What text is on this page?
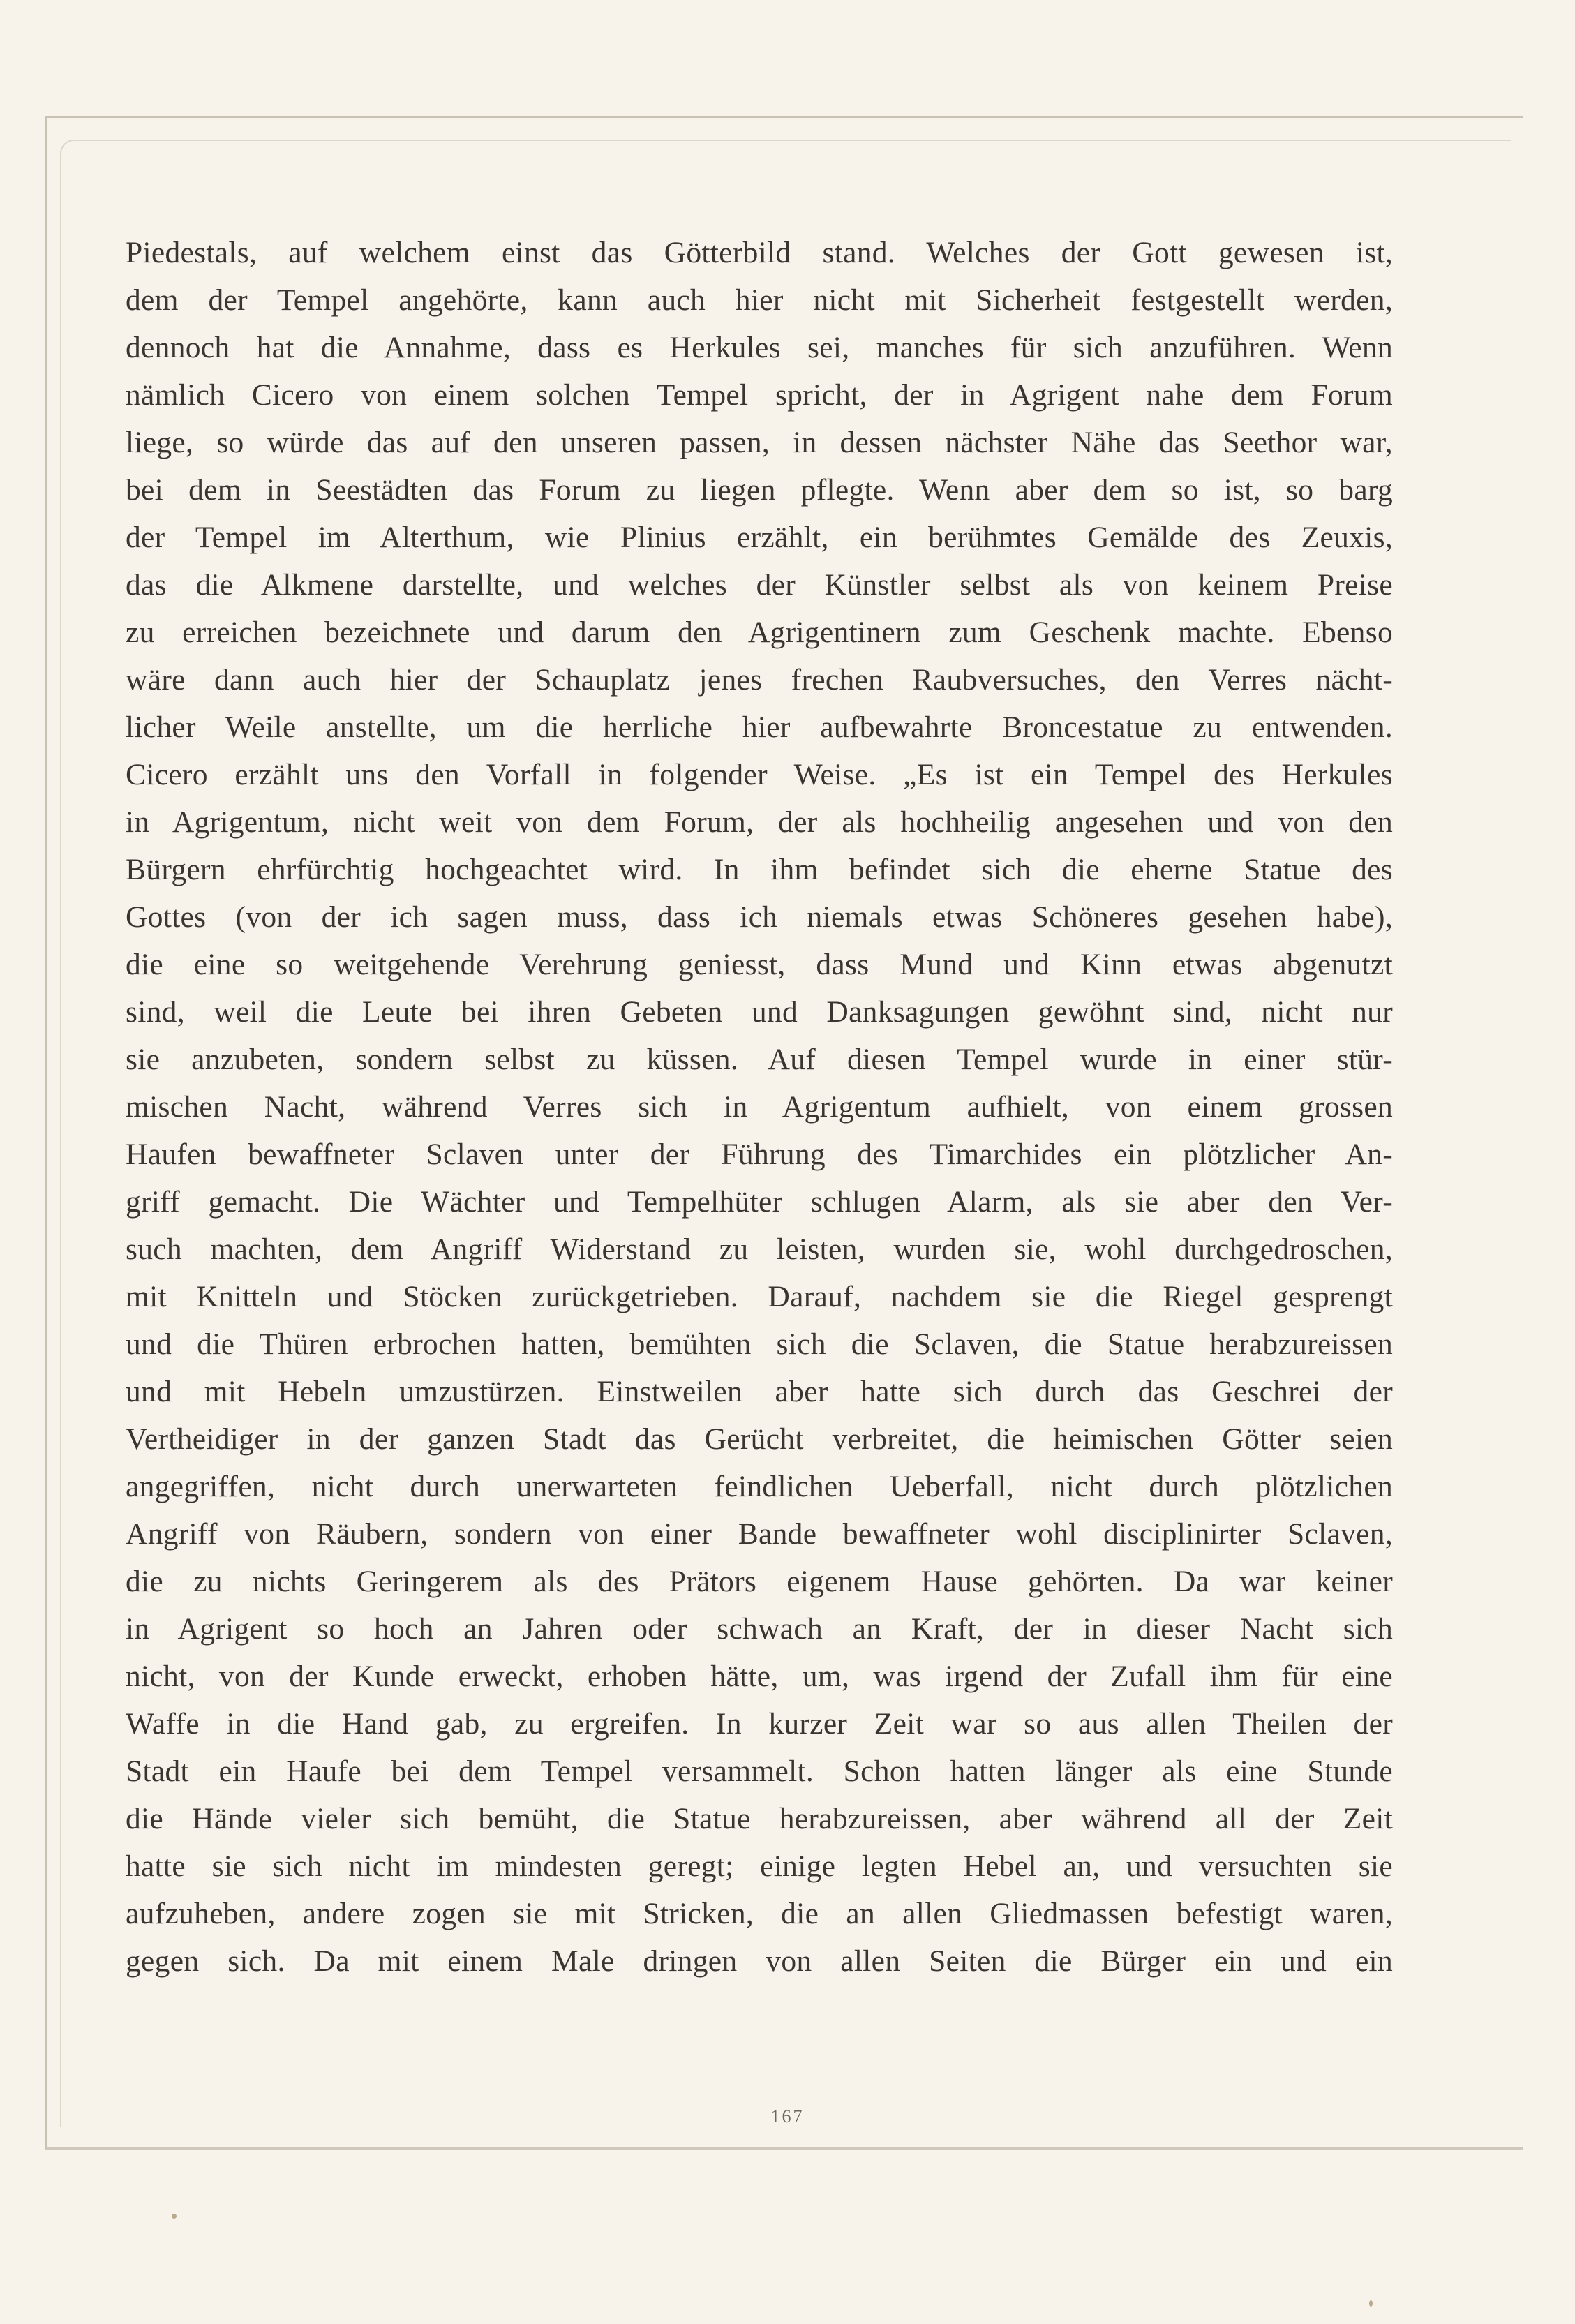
Piedestals, auf welchem einst das Götterbild stand. Welches der Gott gewesen ist,
dem der Tempel angehörte, kann auch hier nicht mit Sicherheit festgestellt werden,
dennoch hat die Annahme, dass es Herkules sei, manches für sich anzuführen. Wenn
nämlich Cicero von einem solchen Tempel spricht, der in Agrigent nahe dem Forum
liege, so würde das auf den unseren passen, in dessen nächster Nähe das Seethor war,
bei dem in Seestädten das Forum zu liegen pflegte. Wenn aber dem so ist, so barg
der Tempel im Alterthum, wie Plinius erzählt, ein berühmtes Gemälde des Zeuxis,
das die Alkmene darstellte, und welches der Künstler selbst als von keinem Preise
zu erreichen bezeichnete und darum den Agrigentinern zum Geschenk machte. Ebenso
wäre dann auch hier der Schauplatz jenes frechen Raubversuches, den Verres nächt-
licher Weile anstellte, um die herrliche hier aufbewahrte Broncestatue zu entwenden.
Cicero erzählt uns den Vorfall in folgender Weise. „Es ist ein Tempel des Herkules
in Agrigentum, nicht weit von dem Forum, der als hochheilig angesehen und von den
Bürgern ehrfürchtig hochgeachtet wird. In ihm befindet sich die eherne Statue des
Gottes (von der ich sagen muss, dass ich niemals etwas Schöneres gesehen habe),
die eine so weitgehende Verehrung geniesst, dass Mund und Kinn etwas abgenutzt
sind, weil die Leute bei ihren Gebeten und Danksagungen gewöhnt sind, nicht nur
sie anzubeten, sondern selbst zu küssen. Auf diesen Tempel wurde in einer stür-
mischen Nacht, während Verres sich in Agrigentum aufhielt, von einem grossen
Haufen bewaffneter Sclaven unter der Führung des Timarchides ein plötzlicher An-
griff gemacht. Die Wächter und Tempelhüter schlugen Alarm, als sie aber den Ver-
such machten, dem Angriff Widerstand zu leisten, wurden sie, wohl durchgedroschen,
mit Knitteln und Stöcken zurückgetrieben. Darauf, nachdem sie die Riegel gesprengt
und die Thüren erbrochen hatten, bemühten sich die Sclaven, die Statue herabzureissen
und mit Hebeln umzustürzen. Einstweilen aber hatte sich durch das Geschrei der
Vertheidiger in der ganzen Stadt das Gerücht verbreitet, die heimischen Götter seien
angegriffen, nicht durch unerwarteten feindlichen Ueberfall, nicht durch plötzlichen
Angriff von Räubern, sondern von einer Bande bewaffneter wohl disciplinirter Sclaven,
die zu nichts Geringerem als des Prätors eigenem Hause gehörten. Da war keiner
in Agrigent so hoch an Jahren oder schwach an Kraft, der in dieser Nacht sich
nicht, von der Kunde erweckt, erhoben hätte, um, was irgend der Zufall ihm für eine
Waffe in die Hand gab, zu ergreifen. In kurzer Zeit war so aus allen Theilen der
Stadt ein Haufe bei dem Tempel versammelt. Schon hatten länger als eine Stunde
die Hände vieler sich bemüht, die Statue herabzureissen, aber während all der Zeit
hatte sie sich nicht im mindesten geregt; einige legten Hebel an, und versuchten sie
aufzuheben, andere zogen sie mit Stricken, die an allen Gliedmassen befestigt waren,
gegen sich. Da mit einem Male dringen von allen Seiten die Bürger ein und ein
167
